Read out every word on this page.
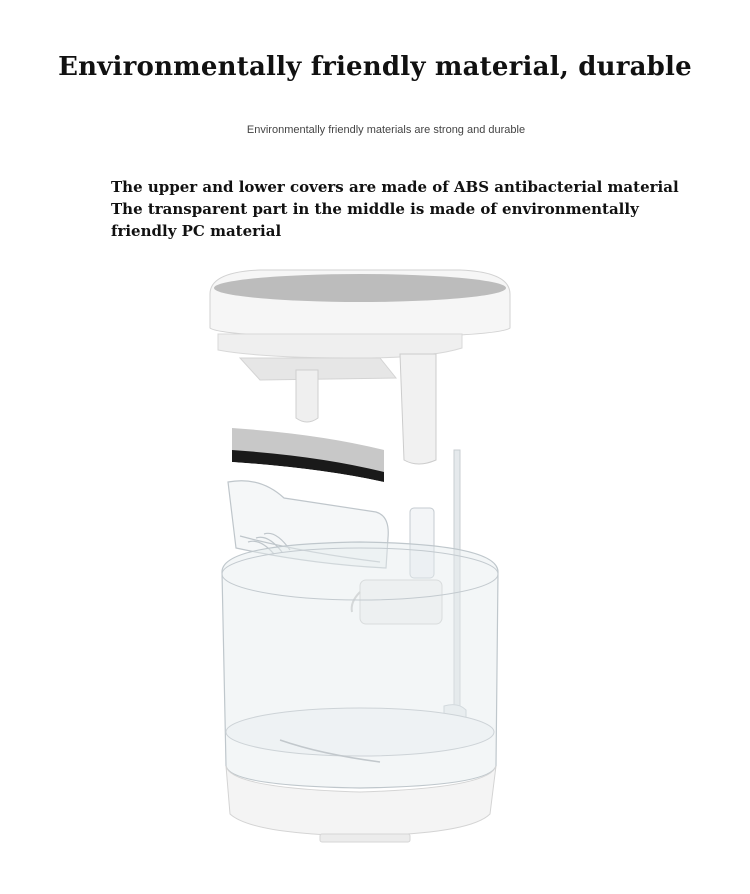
Environmentally friendly material, durable
Environmentally friendly materials are strong and durable
The upper and lower covers are made of ABS antibacterial material
The transparent part in the middle is made of environmentally
friendly PC material
